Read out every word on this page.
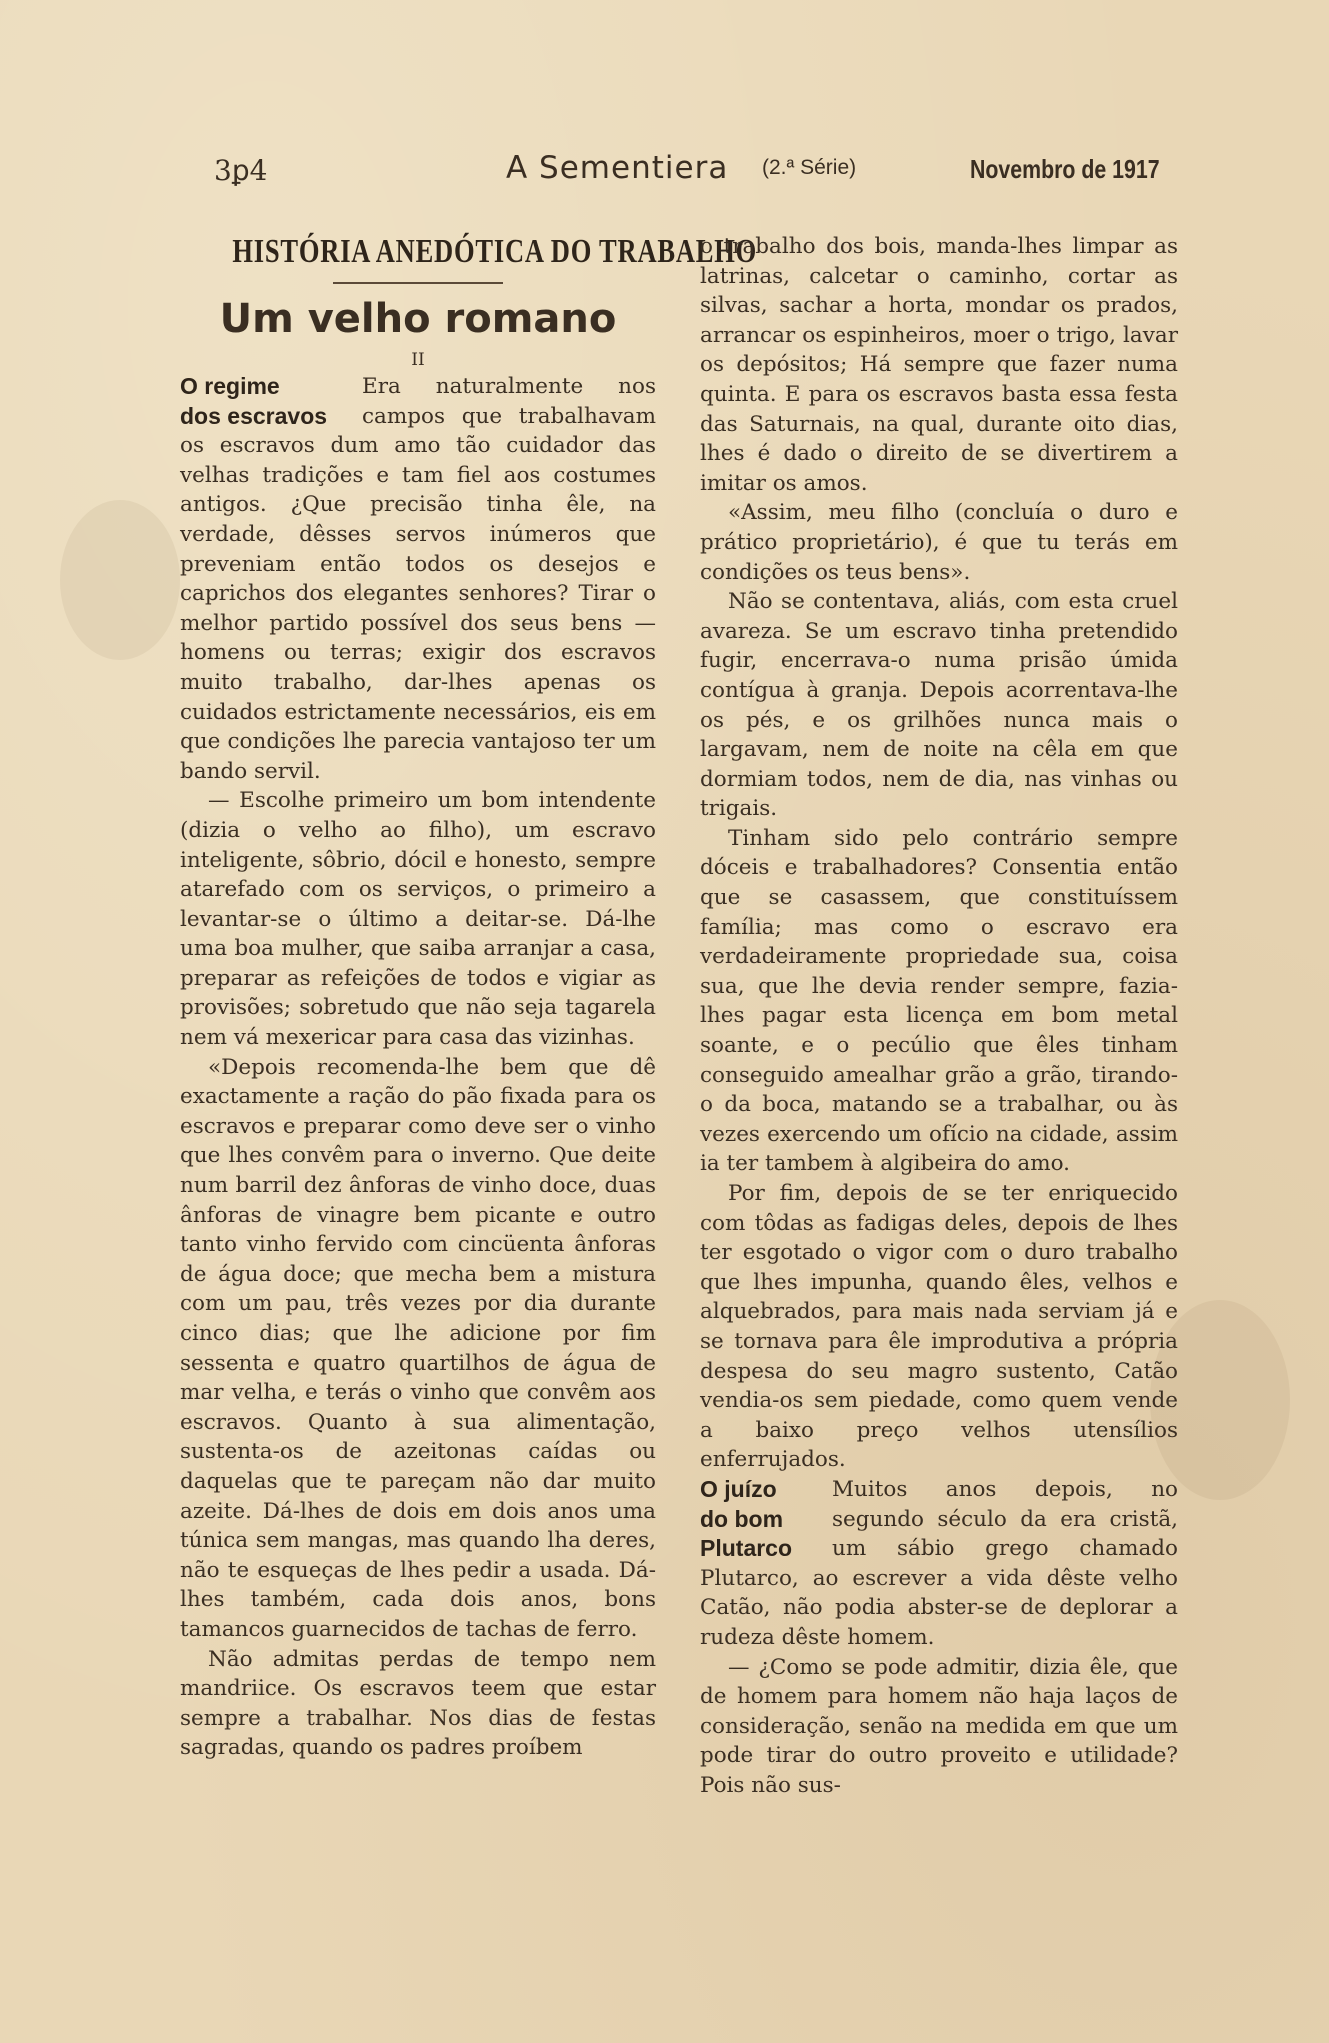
3ꝑ4	A Sementiera (2.ª Série)	Novembro de 1917
HISTÓRIA ANEDÓTICA DO TRABALHO
Um velho romano
II
O regime
dos escravos

Era naturalmente nos campos que trabalhavam os escravos dum amo tão cuidador das velhas tradições e tam fiel aos costumes antigos. ¿Que precisão tinha êle, na verdade, dêsses servos inúmeros que preveniam então todos os desejos e caprichos dos elegantes senhores? Tirar o melhor partido possível dos seus bens — homens ou terras; exigir dos escravos muito trabalho, dar-lhes apenas os cuidados estrictamente necessários, eis em que condições lhe parecia vantajoso ter um bando servil.

— Escolhe primeiro um bom intendente (dizia o velho ao filho), um escravo inteligente, sôbrio, dócil e honesto, sempre atarefado com os serviços, o primeiro a levantar-se o último a deitar-se. Dá-lhe uma boa mulher, que saiba arranjar a casa, preparar as refeições de todos e vigiar as provisões; sobretudo que não seja tagarela nem vá mexericar para casa das vizinhas.

«Depois recomenda-lhe bem que dê exactamente a ração do pão fixada para os escravos e preparar como deve ser o vinho que lhes convêm para o inverno. Que deite num barril dez ânforas de vinho doce, duas ânforas de vinagre bem picante e outro tanto vinho fervido com cincüenta ânforas de água doce; que mecha bem a mistura com um pau, três vezes por dia durante cinco dias; que lhe adicione por fim sessenta e quatro quartilhos de água de mar velha, e terás o vinho que convêm aos escravos. Quanto à sua alimentação, sustenta-os de azeitonas caídas ou daquelas que te pareçam não dar muito azeite. Dá-lhes de dois em dois anos uma túnica sem mangas, mas quando lha deres, não te esqueças de lhes pedir a usada. Dá-lhes também, cada dois anos, bons tamancos guarnecidos de tachas de ferro.

Não admitas perdas de tempo nem mandriice. Os escravos teem que estar sempre a trabalhar. Nos dias de festas sagradas, quando os padres proíbem

o trabalho dos bois, manda-lhes limpar as latrinas, calcetar o caminho, cortar as silvas, sachar a horta, mondar os prados, arrancar os espinheiros, moer o trigo, lavar os depósitos; Há sempre que fazer numa quinta. E para os escravos basta essa festa das Saturnais, na qual, durante oito dias, lhes é dado o direito de se divertirem a imitar os amos.

«Assim, meu filho (concluía o duro e prático proprietário), é que tu terás em condições os teus bens».

Não se contentava, aliás, com esta cruel avareza. Se um escravo tinha pretendido fugir, encerrava-o numa prisão úmida contígua à granja. Depois acorrentava-lhe os pés, e os grilhões nunca mais o largavam, nem de noite na cêla em que dormiam todos, nem de dia, nas vinhas ou trigais.

Tinham sido pelo contrário sempre dóceis e trabalhadores? Consentia então que se casassem, que constituíssem família; mas como o escravo era verdadeiramente propriedade sua, coisa sua, que lhe devia render sempre, fazia-lhes pagar esta licença em bom metal soante, e o pecúlio que êles tinham conseguido amealhar grão a grão, tirando-o da boca, matando se a trabalhar, ou às vezes exercendo um ofício na cidade, assim ia ter tambem à algibeira do amo.

Por fim, depois de se ter enriquecido com tôdas as fadigas deles, depois de lhes ter esgotado o vigor com o duro trabalho que lhes impunha, quando êles, velhos e alquebrados, para mais nada serviam já e se tornava para êle improdutiva a própria despesa do seu magro sustento, Catão vendia-os sem piedade, como quem vende a baixo preço velhos utensílios enferrujados.

O juízo
do bom
Plutarco

Muitos anos depois, no segundo século da era cristã, um sábio grego chamado Plutarco, ao escrever a vida dêste velho Catão, não podia abster-se de deplorar a rudeza dêste homem.

— ¿Como se pode admitir, dizia êle, que de homem para homem não haja laços de consideração, senão na medida em que um pode tirar do outro proveito e utilidade? Pois não sus-
